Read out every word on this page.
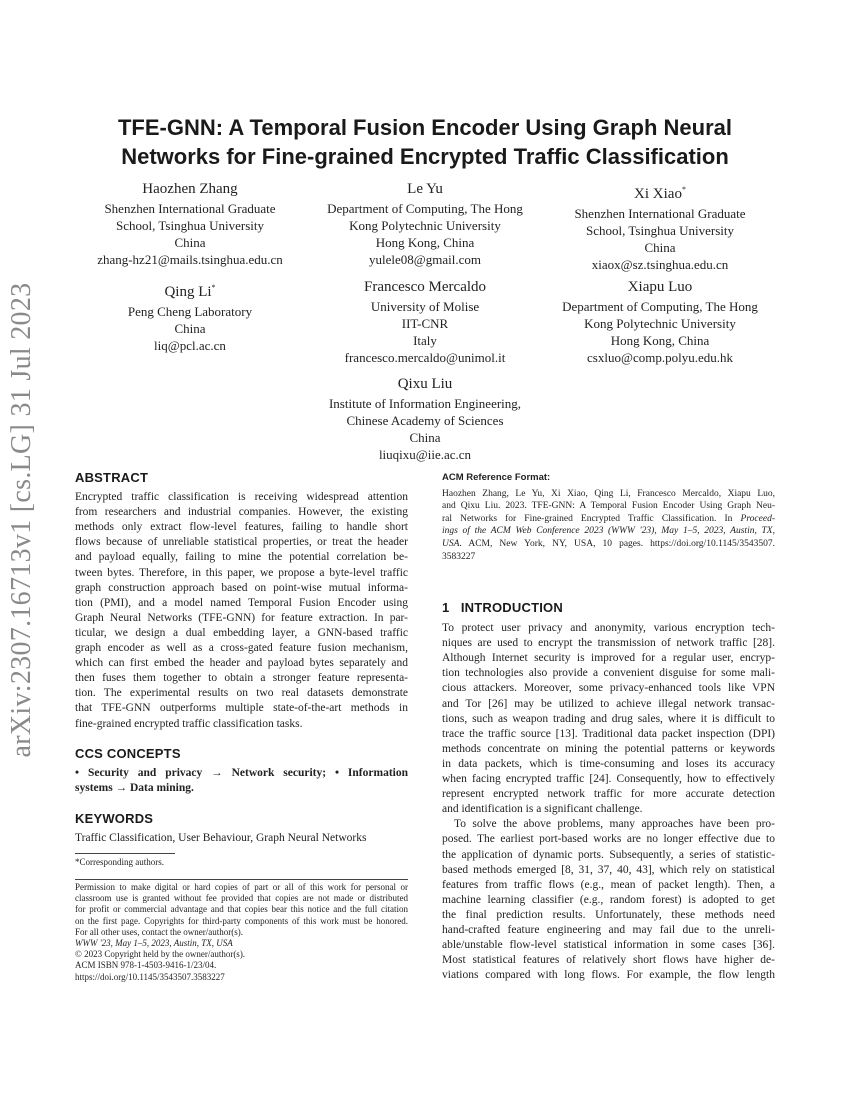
arXiv:2307.16713v1 [cs.LG] 31 Jul 2023
TFE-GNN: A Temporal Fusion Encoder Using Graph Neural
Networks for Fine-grained Encrypted Traffic Classification
Haozhen Zhang
Shenzhen International Graduate
School, Tsinghua University
China
zhang-hz21@mails.tsinghua.edu.cn
Le Yu
Department of Computing, The Hong
Kong Polytechnic University
Hong Kong, China
yulele08@gmail.com
Xi Xiao*
Shenzhen International Graduate
School, Tsinghua University
China
xiaox@sz.tsinghua.edu.cn
Qing Li*
Peng Cheng Laboratory
China
liq@pcl.ac.cn
Francesco Mercaldo
University of Molise
IIT-CNR
Italy
francesco.mercaldo@unimol.it
Xiapu Luo
Department of Computing, The Hong
Kong Polytechnic University
Hong Kong, China
csxluo@comp.polyu.edu.hk
Qixu Liu
Institute of Information Engineering,
Chinese Academy of Sciences
China
liuqixu@iie.ac.cn
ABSTRACT
Encrypted traffic classification is receiving widespread attention
from researchers and industrial companies. However, the existing
methods only extract flow-level features, failing to handle short
flows because of unreliable statistical properties, or treat the header
and payload equally, failing to mine the potential correlation be-
tween bytes. Therefore, in this paper, we propose a byte-level traffic
graph construction approach based on point-wise mutual informa-
tion (PMI), and a model named Temporal Fusion Encoder using
Graph Neural Networks (TFE-GNN) for feature extraction. In par-
ticular, we design a dual embedding layer, a GNN-based traffic
graph encoder as well as a cross-gated feature fusion mechanism,
which can first embed the header and payload bytes separately and
then fuses them together to obtain a stronger feature representa-
tion. The experimental results on two real datasets demonstrate
that TFE-GNN outperforms multiple state-of-the-art methods in
fine-grained encrypted traffic classification tasks.
CCS CONCEPTS
• Security and privacy → Network security; • Information
systems → Data mining.
KEYWORDS
Traffic Classification, User Behaviour, Graph Neural Networks
*Corresponding authors.
Permission to make digital or hard copies of part or all of this work for personal or
classroom use is granted without fee provided that copies are not made or distributed
for profit or commercial advantage and that copies bear this notice and the full citation
on the first page. Copyrights for third-party components of this work must be honored.
For all other uses, contact the owner/author(s).
WWW '23, May 1–5, 2023, Austin, TX, USA
© 2023 Copyright held by the owner/author(s).
ACM ISBN 978-1-4503-9416-1/23/04.
https://doi.org/10.1145/3543507.3583227
ACM Reference Format:
Haozhen Zhang, Le Yu, Xi Xiao, Qing Li, Francesco Mercaldo, Xiapu Luo,
and Qixu Liu. 2023. TFE-GNN: A Temporal Fusion Encoder Using Graph Neu-
ral Networks for Fine-grained Encrypted Traffic Classification. In Proceed-
ings of the ACM Web Conference 2023 (WWW '23), May 1–5, 2023, Austin, TX,
USA. ACM, New York, NY, USA, 10 pages. https://doi.org/10.1145/3543507.
3583227
1   INTRODUCTION
To protect user privacy and anonymity, various encryption tech-
niques are used to encrypt the transmission of network traffic [28].
Although Internet security is improved for a regular user, encryp-
tion technologies also provide a convenient disguise for some mali-
cious attackers. Moreover, some privacy-enhanced tools like VPN
and Tor [26] may be utilized to achieve illegal network transac-
tions, such as weapon trading and drug sales, where it is difficult to
trace the traffic source [13]. Traditional data packet inspection (DPI)
methods concentrate on mining the potential patterns or keywords
in data packets, which is time-consuming and loses its accuracy
when facing encrypted traffic [24]. Consequently, how to effectively
represent encrypted network traffic for more accurate detection
and identification is a significant challenge.
To solve the above problems, many approaches have been pro-
posed. The earliest port-based works are no longer effective due to
the application of dynamic ports. Subsequently, a series of statistic-
based methods emerged [8, 31, 37, 40, 43], which rely on statistical
features from traffic flows (e.g., mean of packet length). Then, a
machine learning classifier (e.g., random forest) is adopted to get
the final prediction results. Unfortunately, these methods need
hand-crafted feature engineering and may fail due to the unreli-
able/unstable flow-level statistical information in some cases [36].
Most statistical features of relatively short flows have higher de-
viations compared with long flows. For example, the flow length
